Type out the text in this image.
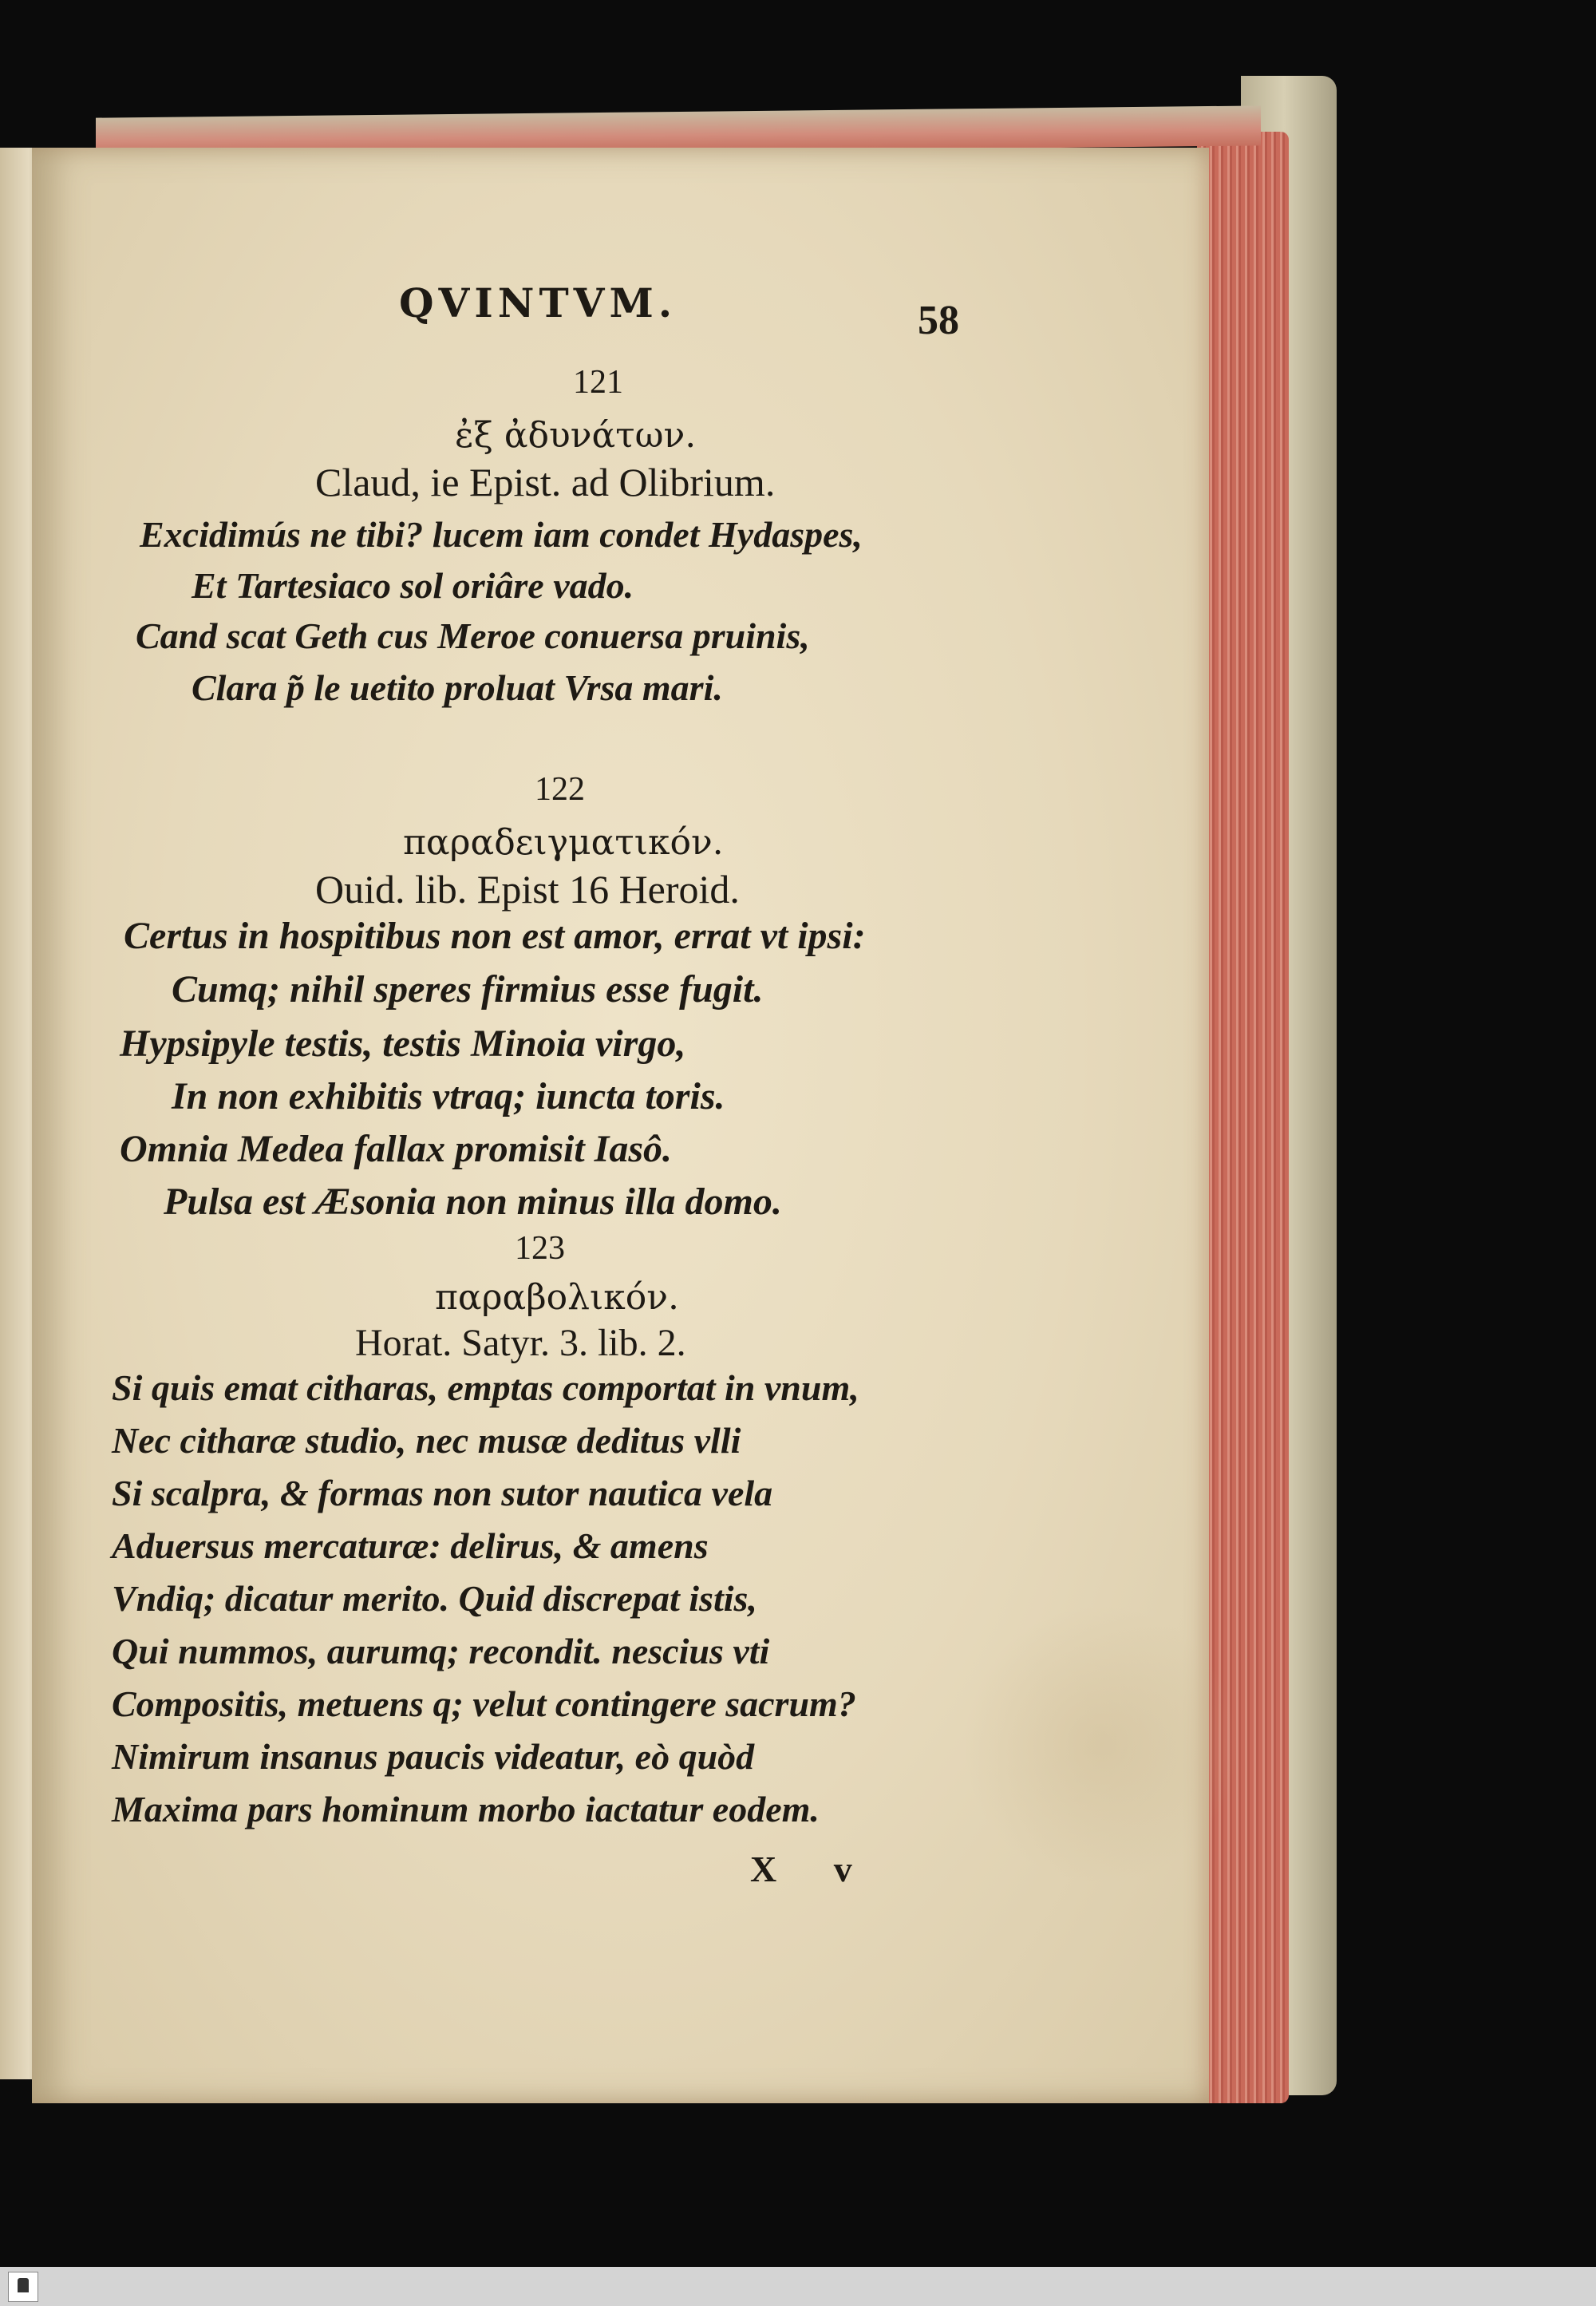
QVINTVM.	58
121
ἐξ ἀδυνάτων.
Claud, ie Epist. ad Olibrium.
Excidimús ne tibi? lucem iam condet Hydaspes,
Et Tartesiaco sol oriâre vado.
Cand scat Geth cus Meroe conuersa pruinis,
Clara p͂ le uetito proluat Vrsa mari.
122
παραδειγματικόν.
Ouid. lib. Epist 16 Heroid.
Certus in hospitibus non est amor, errat vt ipsi:
Cumq; nihil speres firmius esse fugit.
Hypsipyle testis, testis Minoia virgo,
In non exhibitis vtraq; iuncta toris.
Omnia Medea fallax promisit Iasô.
Pulsa est Æsonia non minus illa domo.
123
παραβολικόν.
Horat. Satyr. 3. lib. 2.
Si quis emat citharas, emptas comportat in vnum,
Nec citharæ studio, nec musæ deditus vlli
Si scalpra, & formas non sutor nautica vela
Aduersus mercaturæ: delirus, & amens
Vndiq; dicatur merito. Quid discrepat istis,
Qui nummos, aurumq; recondit. nescius vti
Compositis, metuens q; velut contingere sacrum?
Nimirum insanus paucis videatur, eò quòd
Maxima pars hominum morbo iactatur eodem.
X v
